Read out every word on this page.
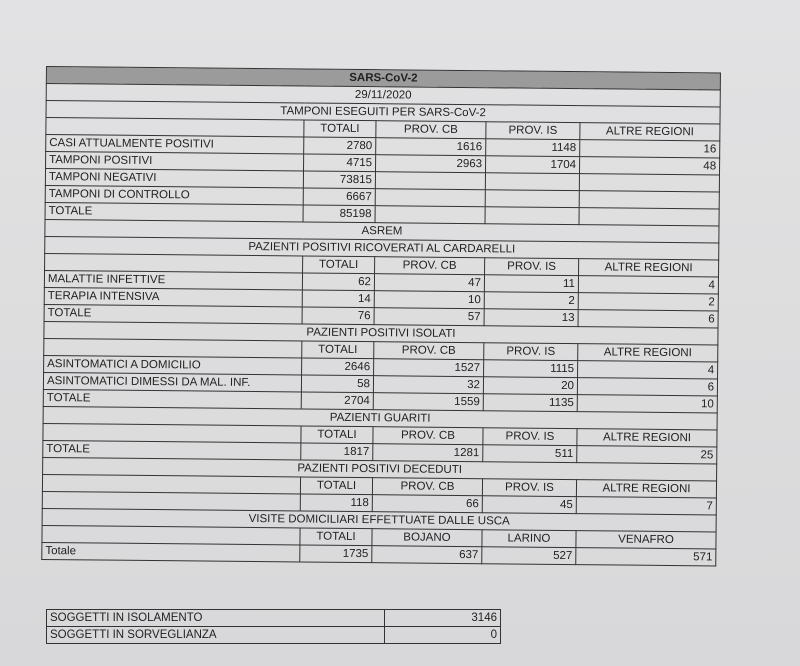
SARS-CoV-2				
29/11/2020				
TAMPONI ESEGUITI PER SARS-CoV-2				
	TOTALI	PROV. CB	PROV. IS	ALTRE REGIONI
CASI ATTUALMENTE POSITIVI	2780	1616	1148	16
TAMPONI POSITIVI	4715	2963	1704	48
TAMPONI NEGATIVI	73815			
TAMPONI DI CONTROLLO	6667			
TOTALE	85198			
ASREM				
PAZIENTI POSITIVI RICOVERATI AL CARDARELLI				
	TOTALI	PROV. CB	PROV. IS	ALTRE REGIONI
MALATTIE INFETTIVE	62	47	11	4
TERAPIA INTENSIVA	14	10	2	2
TOTALE	76	57	13	6
PAZIENTI POSITIVI ISOLATI				
	TOTALI	PROV. CB	PROV. IS	ALTRE REGIONI
ASINTOMATICI A DOMICILIO	2646	1527	1115	4
ASINTOMATICI DIMESSI DA MAL. INF.	58	32	20	6
TOTALE	2704	1559	1135	10
PAZIENTI GUARITI				
	TOTALI	PROV. CB	PROV. IS	ALTRE REGIONI
TOTALE	1817	1281	511	25
PAZIENTI POSITIVI DECEDUTI				
	TOTALI	PROV. CB	PROV. IS	ALTRE REGIONI
	118	66	45	7
VISITE DOMICILIARI EFFETTUATE DALLE USCA				
	TOTALI	BOJANO	LARINO	VENAFRO
Totale	1735	637	527	571
SOGGETTI IN ISOLAMENTO	3146
SOGGETTI IN SORVEGLIANZA	0
